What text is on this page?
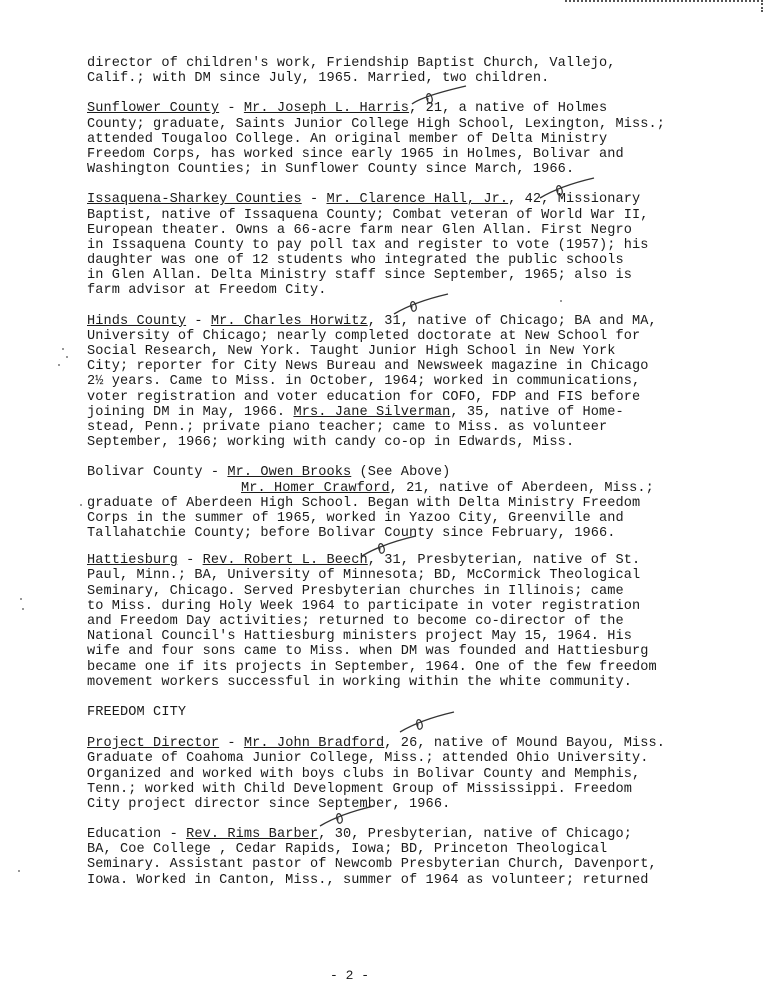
director of children's work, Friendship Baptist Church, Vallejo,
Calif.; with DM since July, 1965. Married, two children.
Sunflower County - Mr. Joseph L. Harris, 21, a native of Holmes
County; graduate, Saints Junior College High School, Lexington, Miss.;
attended Tougaloo College. An original member of Delta Ministry
Freedom Corps, has worked since early 1965 in Holmes, Bolivar and
Washington Counties; in Sunflower County since March, 1966.
Issaquena-Sharkey Counties - Mr. Clarence Hall, Jr., 42, Missionary
Baptist, native of Issaquena County; Combat veteran of World War II,
European theater. Owns a 66-acre farm near Glen Allan. First Negro
in Issaquena County to pay poll tax and register to vote (1957); his
daughter was one of 12 students who integrated the public schools
in Glen Allan. Delta Ministry staff since September, 1965; also is
farm advisor at Freedom City.
Hinds County - Mr. Charles Horwitz, 31, native of Chicago; BA and MA,
University of Chicago; nearly completed doctorate at New School for
Social Research, New York. Taught Junior High School in New York
City; reporter for City News Bureau and Newsweek magazine in Chicago
2½ years. Came to Miss. in October, 1964; worked in communications,
voter registration and voter education for COFO, FDP and FIS before
joining DM in May, 1966. Mrs. Jane Silverman, 35, native of Home-
stead, Penn.; private piano teacher; came to Miss. as volunteer
September, 1966; working with candy co-op in Edwards, Miss.
Bolivar County - Mr. Owen Brooks (See Above)
Mr. Homer Crawford, 21, native of Aberdeen, Miss.;
graduate of Aberdeen High School. Began with Delta Ministry Freedom
Corps in the summer of 1965, worked in Yazoo City, Greenville and
Tallahatchie County; before Bolivar County since February, 1966.
Hattiesburg - Rev. Robert L. Beech, 31, Presbyterian, native of St.
Paul, Minn.; BA, University of Minnesota; BD, McCormick Theological
Seminary, Chicago. Served Presbyterian churches in Illinois; came
to Miss. during Holy Week 1964 to participate in voter registration
and Freedom Day activities; returned to become co-director of the
National Council's Hattiesburg ministers project May 15, 1964. His
wife and four sons came to Miss. when DM was founded and Hattiesburg
became one if its projects in September, 1964. One of the few freedom
movement workers successful in working within the white community.
FREEDOM CITY
Project Director - Mr. John Bradford, 26, native of Mound Bayou, Miss.
Graduate of Coahoma Junior College, Miss.; attended Ohio University.
Organized and worked with boys clubs in Bolivar County and Memphis,
Tenn.; worked with Child Development Group of Mississippi. Freedom
City project director since September, 1966.
Education - Rev. Rims Barber, 30, Presbyterian, native of Chicago;
BA, Coe College , Cedar Rapids, Iowa; BD, Princeton Theological
Seminary. Assistant pastor of Newcomb Presbyterian Church, Davenport,
Iowa. Worked in Canton, Miss., summer of 1964 as volunteer; returned
- 2 -
